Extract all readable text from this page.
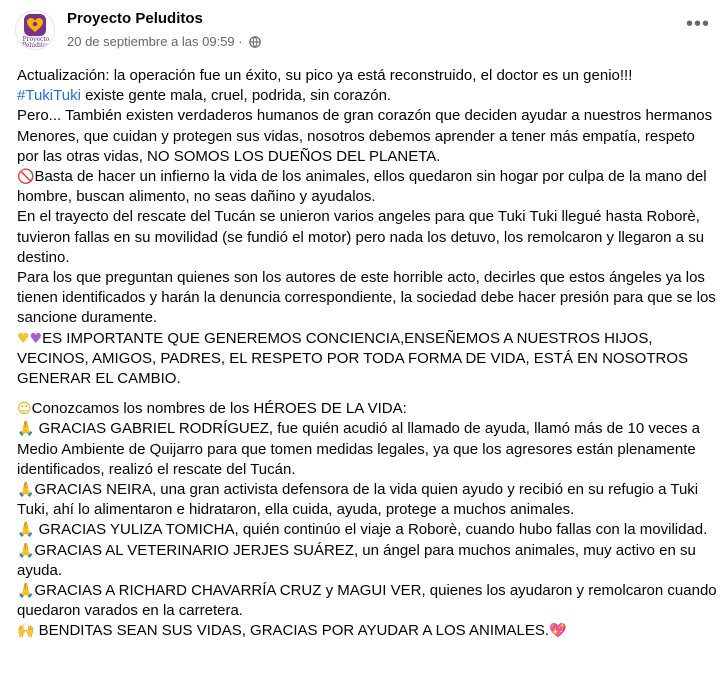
Proyecto Peluditos
Proyecto Peluditos
20 de septiembre a las 09:59 ·
•••

Actualización: la operación fue un éxito, su pico ya está reconstruido, el doctor es un genio!!!

#TukiTuki existe gente mala, cruel, podrida, sin corazón.

Pero... También existen verdaderos humanos de gran corazón que deciden ayudar a nuestros hermanos Menores, que cuidan y protegen sus vidas, nosotros debemos aprender a tener más empatía, respeto por las otras vidas, NO SOMOS LOS DUEÑOS DEL PLANETA.

🚫Basta de hacer un infierno la vida de los animales, ellos quedaron sin hogar por culpa de la mano del hombre, buscan alimento, no seas dañino y ayudalos.

En el trayecto del rescate del Tucán se unieron varios angeles para que Tuki Tuki llegué hasta Roborè, tuvieron fallas en su movilidad (se fundió el motor) pero nada los detuvo, los remolcaron y llegaron a su destino.

Para los que preguntan quienes son los autores de este horrible acto, decirles que estos ángeles ya los tienen identificados y harán la denuncia correspondiente, la sociedad debe hacer presión para que se los sancione duramente.

♥♥ES IMPORTANTE QUE GENEREMOS CONCIENCIA,ENSEÑEMOS A NUESTROS HIJOS, VECINOS, AMIGOS, PADRES, EL RESPETO POR TODA FORMA DE VIDA, ESTÁ EN NOSOTROS GENERAR EL CAMBIO.

☺Conozcamos los nombres de los HÉROES DE LA VIDA:

🙏 GRACIAS GABRIEL RODRÍGUEZ, fue quién acudió al llamado de ayuda, llamó más de 10 veces a Medio Ambiente de Quijarro para que tomen medidas legales, ya que los agresores están plenamente identificados, realizó el rescate del Tucán.

🙏GRACIAS NEIRA, una gran activista defensora de la vida quien ayudo y recibió en su refugio a Tuki Tuki, ahí lo alimentaron e hidrataron, ella cuida, ayuda, protege a muchos animales.

🙏 GRACIAS YULIZA TOMICHA, quién continúo el viaje a Roborè, cuando hubo fallas con la movilidad.

🙏GRACIAS AL VETERINARIO JERJES SUÁREZ, un ángel para muchos animales, muy activo en su ayuda.

🙏GRACIAS A RICHARD CHAVARRÍA CRUZ y MAGUI VER, quienes los ayudaron y remolcaron cuando quedaron varados en la carretera.

🙌 BENDITAS SEAN SUS VIDAS, GRACIAS POR AYUDAR A LOS ANIMALES.💖
